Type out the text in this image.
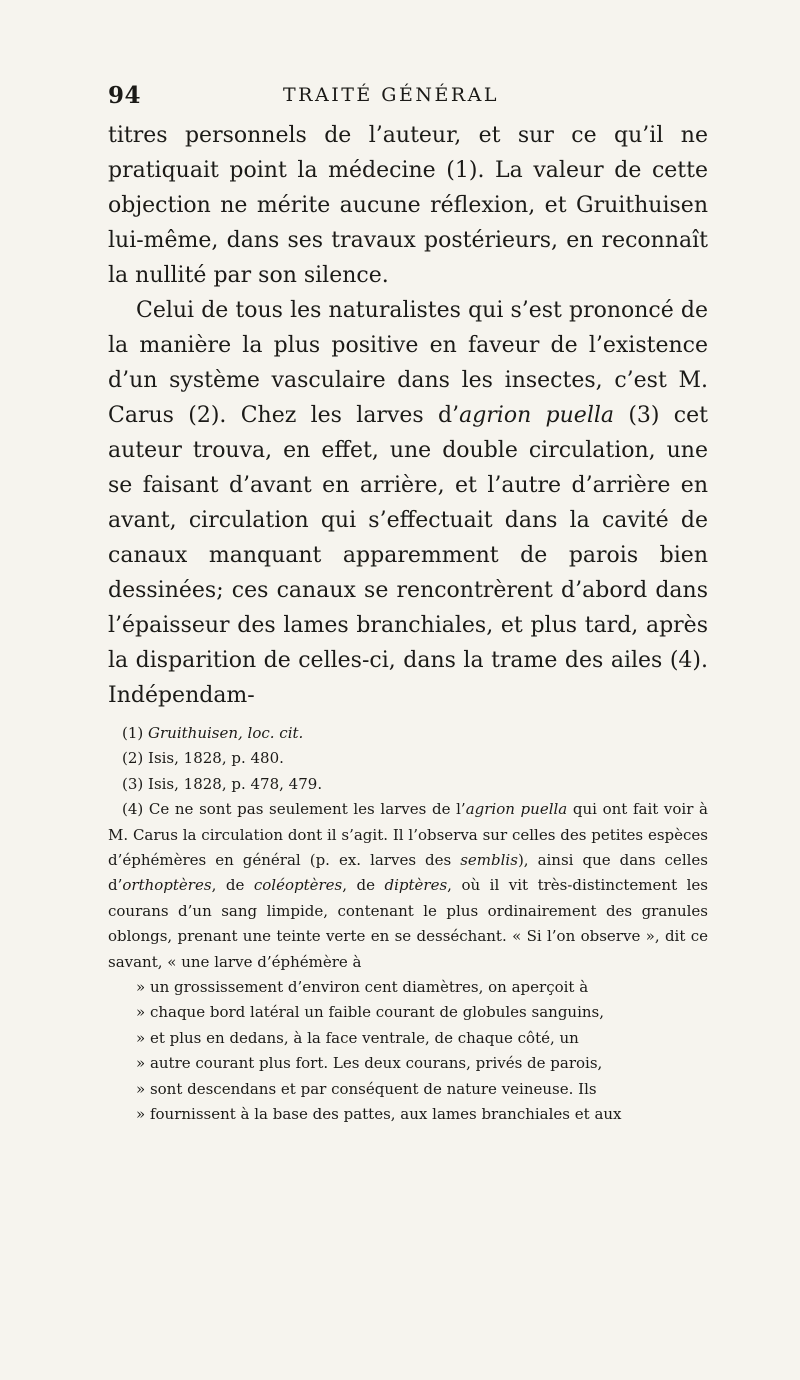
94	TRAITÉ GÉNÉRAL

titres personnels de l’auteur, et sur ce qu’il ne pratiquait point la médecine (1). La valeur de cette objection ne mérite aucune réflexion, et Gruithuisen lui-même, dans ses travaux postérieurs, en reconnaît la nullité par son silence.

Celui de tous les naturalistes qui s’est prononcé de la manière la plus positive en faveur de l’existence d’un système vasculaire dans les insectes, c’est M. Carus (2). Chez les larves d’agrion puella (3) cet auteur trouva, en effet, une double circulation, une se faisant d’avant en arrière, et l’autre d’arrière en avant, circulation qui s’effectuait dans la cavité de canaux manquant apparemment de parois bien dessinées; ces canaux se rencontrèrent d’abord dans l’épaisseur des lames branchiales, et plus tard, après la disparition de celles-ci, dans la trame des ailes (4). Indépendam-

(1) Gruithuisen, loc. cit.

(2) Isis, 1828, p. 480.

(3) Isis, 1828, p. 478, 479.

(4) Ce ne sont pas seulement les larves de l’agrion puella qui ont fait voir à M. Carus la circulation dont il s’agit. Il l’observa sur celles des petites espèces d’éphémères en général (p. ex. larves des semblis), ainsi que dans celles d’orthoptères, de coléoptères, de diptères, où il vit très-distinctement les courans d’un sang limpide, contenant le plus ordinairement des granules oblongs, prenant une teinte verte en se desséchant. « Si l’on observe », dit ce savant, « une larve d’éphémère à
» un grossissement d’environ cent diamètres, on aperçoit à
» chaque bord latéral un faible courant de globules sanguins,
» et plus en dedans, à la face ventrale, de chaque côté, un
» autre courant plus fort. Les deux courans, privés de parois,
» sont descendans et par conséquent de nature veineuse. Ils
» fournissent à la base des pattes, aux lames branchiales et aux
